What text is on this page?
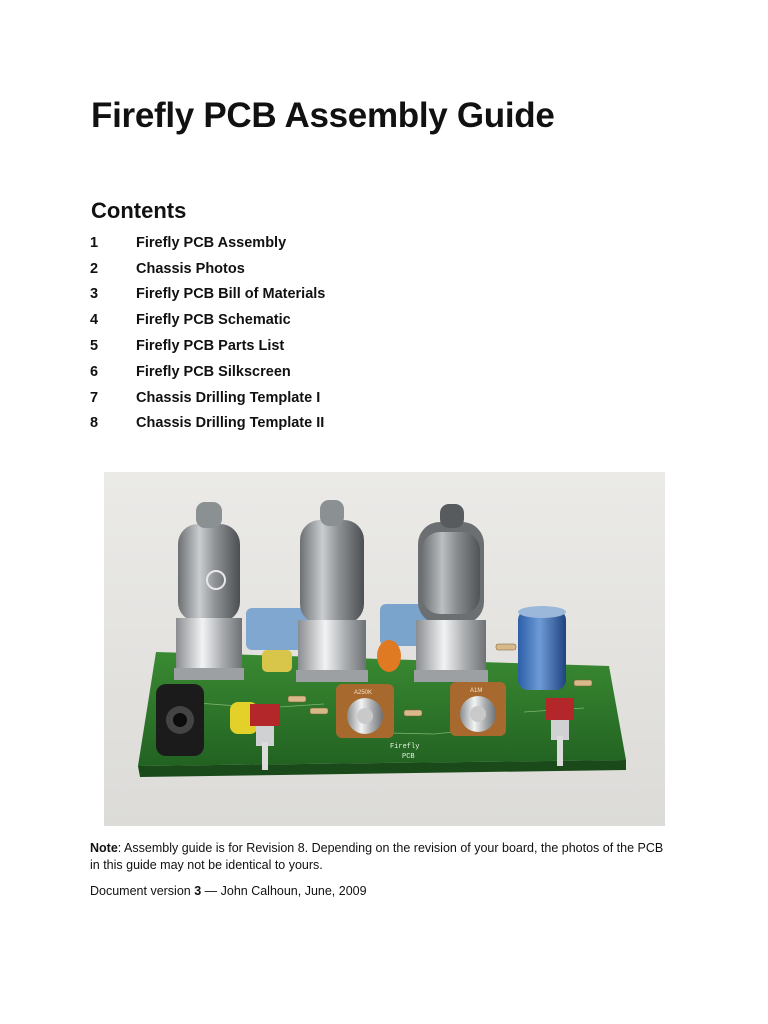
Firefly PCB Assembly Guide
Contents
1	Firefly PCB Assembly
2	Chassis Photos
3	Firefly PCB Bill of Materials
4	Firefly PCB Schematic
5	Firefly PCB Parts List
6	Firefly PCB Silkscreen
7	Chassis Drilling Template I
8	Chassis Drilling Template II
A250K	A1M
Firefly
PCB

Note: Assembly guide is for Revision 8. Depending on the revision of your board, the photos of the PCB in this guide may not be identical to yours.

Document version 3 — John Calhoun, June, 2009
